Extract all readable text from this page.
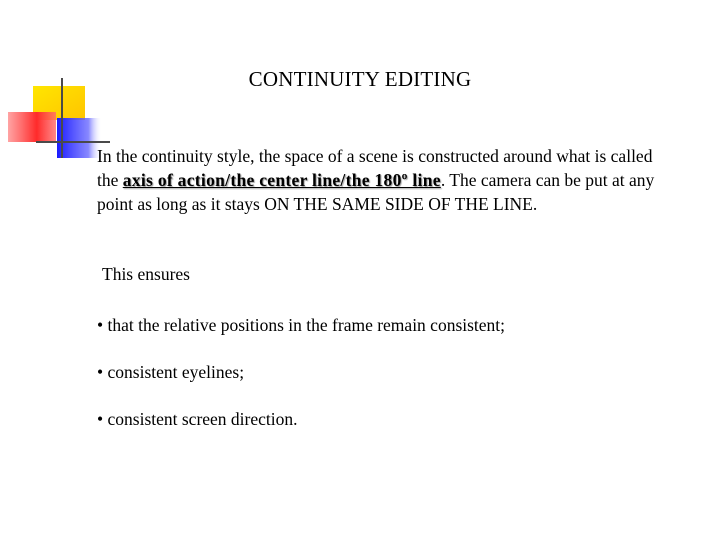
CONTINUITY EDITING

In the continuity style, the space of a scene is constructed around what is called the axis of action/the center line/the 180º line. The camera can be put at any point as long as it stays ON THE SAME SIDE OF THE LINE.

This ensures
• that the relative positions in the frame remain consistent;
• consistent eyelines;
• consistent screen direction.
